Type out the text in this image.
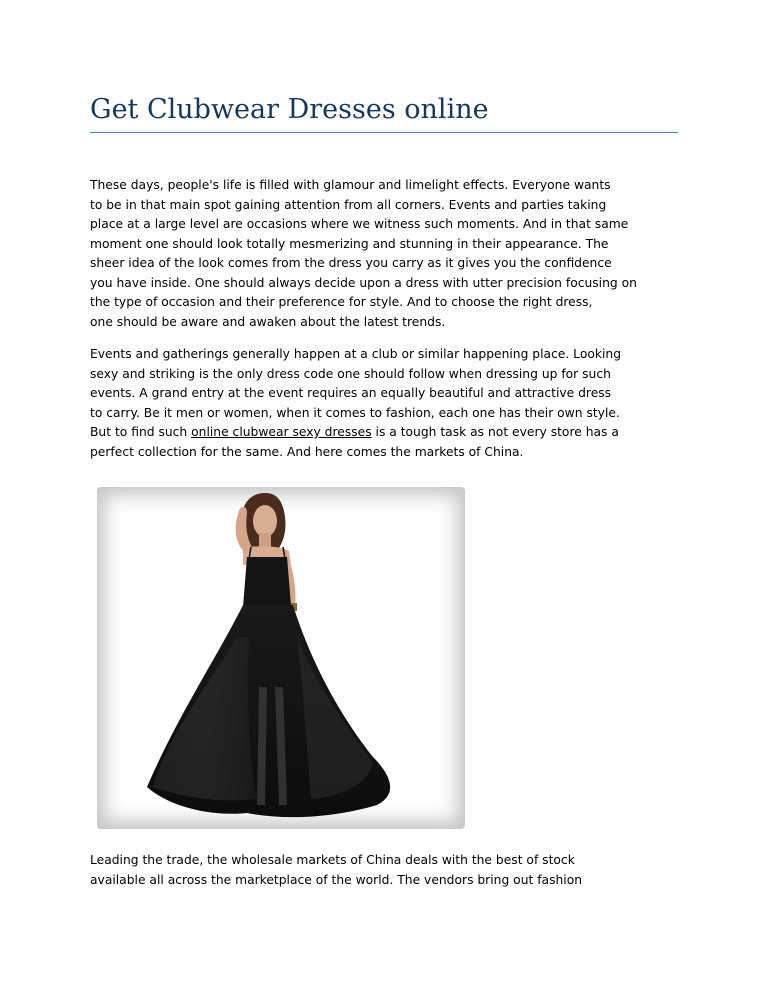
Get Clubwear Dresses online
These days, people's life is filled with glamour and limelight effects. Everyone wants
to be in that main spot gaining attention from all corners. Events and parties taking
place at a large level are occasions where we witness such moments. And in that same
moment one should look totally mesmerizing and stunning in their appearance. The
sheer idea of the look comes from the dress you carry as it gives you the confidence
you have inside. One should always decide upon a dress with utter precision focusing on
the type of occasion and their preference for style. And to choose the right dress,
one should be aware and awaken about the latest trends.
Events and gatherings generally happen at a club or similar happening place. Looking
sexy and striking is the only dress code one should follow when dressing up for such
events. A grand entry at the event requires an equally beautiful and attractive dress
to carry. Be it men or women, when it comes to fashion, each one has their own style.
But to find such online clubwear sexy dresses is a tough task as not every store has a
perfect collection for the same. And here comes the markets of China.
Leading the trade, the wholesale markets of China deals with the best of stock
available all across the marketplace of the world. The vendors bring out fashion
